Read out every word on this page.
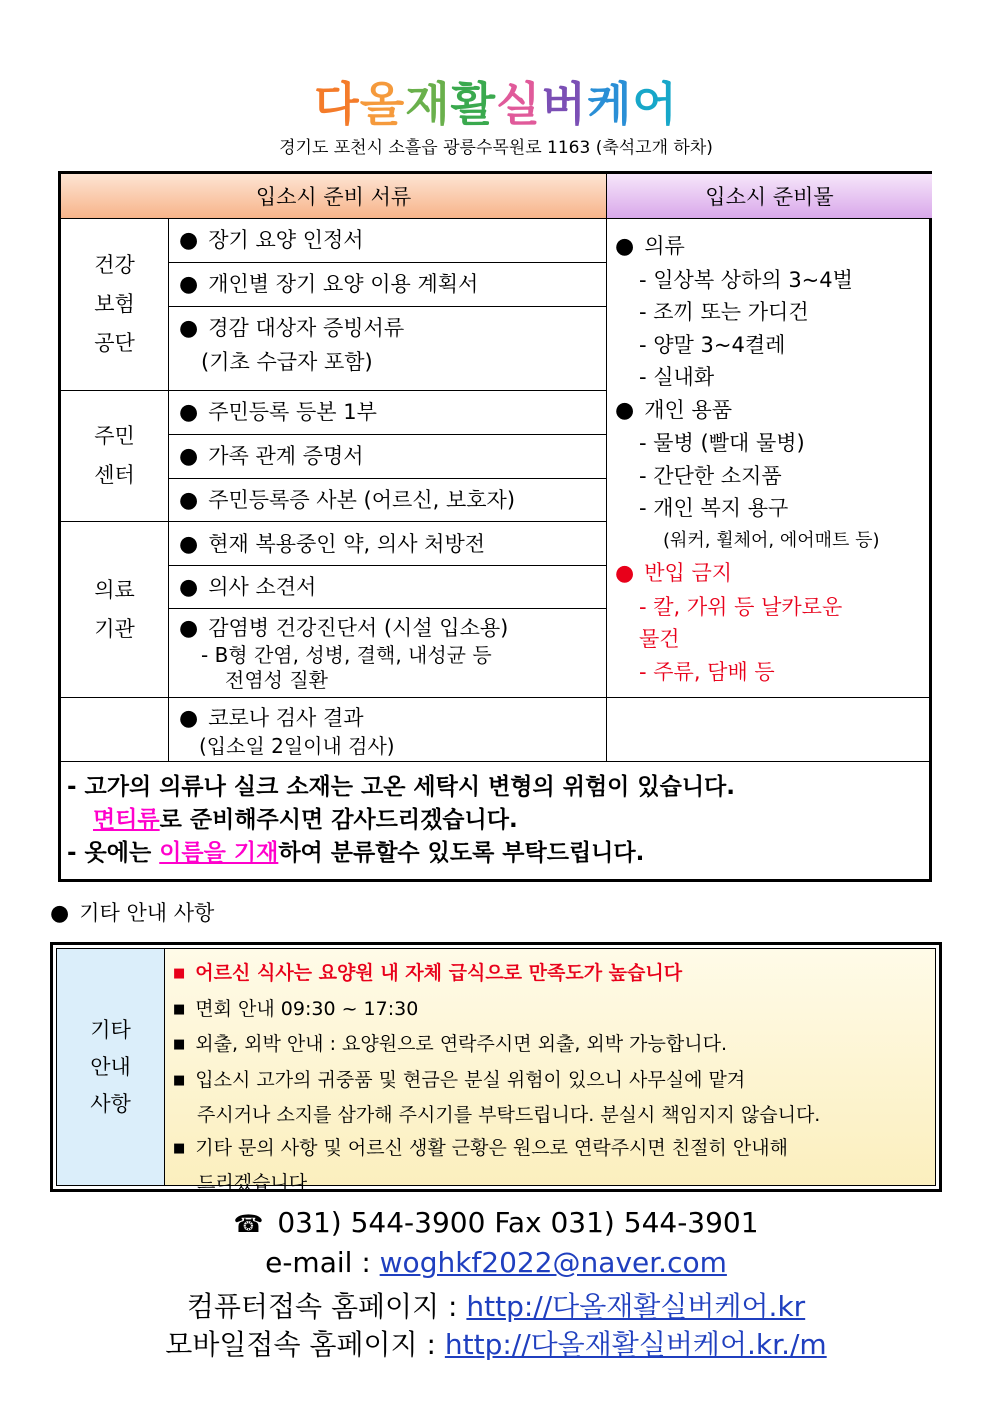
다올재활실버케어
경기도 포천시 소흘읍 광릉수목원로 1163 (축석고개 하차)
입소시 준비 서류	입소시 준비물
건강
보험
공단
● 장기 요양 인정서
● 개인별 장기 요양 이용 계획서
● 경감 대상자 증빙서류
(기초 수급자 포함)
주민
센터
● 주민등록 등본 1부
● 가족 관계 증명서
● 주민등록증 사본 (어르신, 보호자)
의료
기관
● 현재 복용중인 약, 의사 처방전
● 의사 소견서
● 감염병 건강진단서 (시설 입소용)
- B형 간염, 성병, 결핵, 내성균 등
전염성 질환
● 코로나 검사 결과
(입소일 2일이내 검사)
● 의류
- 일상복 상하의 3~4벌
- 조끼 또는 가디건
- 양말 3~4켤레
- 실내화
● 개인 용품
- 물병 (빨대 물병)
- 간단한 소지품
- 개인 복지 용구
(워커, 휠체어, 에어매트 등)
● 반입 금지
- 칼, 가위 등 날카로운
물건
- 주류, 담배 등
- 고가의 의류나 실크 소재는 고온 세탁시 변형의 위험이 있습니다.
면티류로 준비해주시면 감사드리겠습니다.
- 옷에는 이름을 기재하여 분류할수 있도록 부탁드립니다.
● 기타 안내 사항
기타
안내
사항
■ 어르신 식사는 요양원 내 자체 급식으로 만족도가 높습니다
■ 면회 안내 09:30 ~ 17:30
■ 외출, 외박 안내 : 요양원으로 연락주시면 외출, 외박 가능합니다.
■ 입소시 고가의 귀중품 및 현금은 분실 위험이 있으니 사무실에 맡겨
주시거나 소지를 삼가해 주시기를 부탁드립니다. 분실시 책임지지 않습니다.
■ 기타 문의 사항 및 어르신 생활 근황은 원으로 연락주시면 친절히 안내해
드리겠습니다
☎ 031) 544-3900 Fax 031) 544-3901
e-mail : woghkf2022@naver.com
컴퓨터접속 홈페이지 : http://다올재활실버케어.kr
모바일접속 홈페이지 : http://다올재활실버케어.kr./m
